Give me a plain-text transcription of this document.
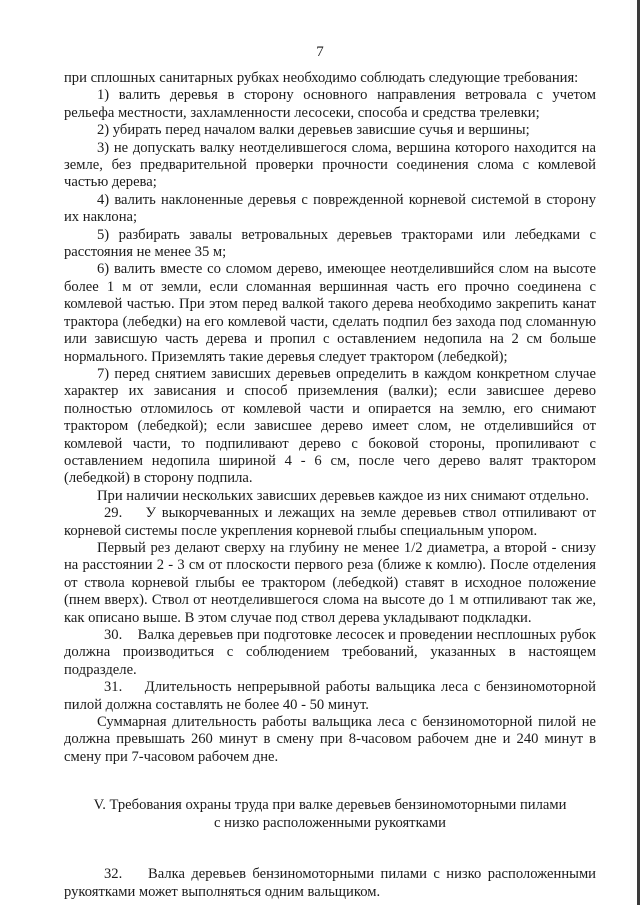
7

при сплошных санитарных рубках необходимо соблюдать следующие требования:

1) валить деревья в сторону основного направления ветровала с учетом рельефа местности, захламленности лесосеки, способа и средства трелевки;

2) убирать перед началом валки деревьев зависшие сучья и вершины;

3) не допускать валку неотделившегося слома, вершина которого находится на земле, без предварительной проверки прочности соединения слома с комлевой частью дерева;

4) валить наклоненные деревья с поврежденной корневой системой в сторону их наклона;

5) разбирать завалы ветровальных деревьев тракторами или лебедками с расстояния не менее 35 м;

6) валить вместе со сломом дерево, имеющее неотделившийся слом на высоте более 1 м от земли, если сломанная вершинная часть его прочно соединена с комлевой частью. При этом перед валкой такого дерева необходимо закрепить канат трактора (лебедки) на его комлевой части, сделать подпил без захода под сломанную или зависшую часть дерева и пропил с оставлением недопила на 2 см больше нормального. Приземлять такие деревья следует трактором (лебедкой);

7) перед снятием зависших деревьев определить в каждом конкретном случае характер их зависания и способ приземления (валки); если зависшее дерево полностью отломилось от комлевой части и опирается на землю, его снимают трактором (лебедкой); если зависшее дерево имеет слом, не отделившийся от комлевой части, то подпиливают дерево с боковой стороны, пропиливают с оставлением недопила шириной 4 - 6 см, после чего дерево валят трактором (лебедкой) в сторону подпила.

При наличии нескольких зависших деревьев каждое из них снимают отдельно.

29.    У выкорчеванных и лежащих на земле деревьев ствол отпиливают от корневой системы после укрепления корневой глыбы специальным упором.

Первый рез делают сверху на глубину не менее 1/2 диаметра, а второй - снизу на расстоянии 2 - 3 см от плоскости первого реза (ближе к комлю). После отделения от ствола корневой глыбы ее трактором (лебедкой) ставят в исходное положение (пнем вверх). Ствол от неотделившегося слома на высоте до 1 м отпиливают так же, как описано выше. В этом случае под ствол дерева укладывают подкладки.

30.    Валка деревьев при подготовке лесосек и проведении несплошных рубок должна производиться с соблюдением требований, указанных в настоящем подразделе.

31.    Длительность непрерывной работы вальщика леса с бензиномоторной пилой должна составлять не более 40 - 50 минут.

Суммарная длительность работы вальщика леса с бензиномоторной пилой не должна превышать 260 минут в смену при 8-часовом рабочем дне и 240 минут в смену при 7-часовом рабочем дне.

V. Требования охраны труда при валке деревьев бензиномоторными пилами
с низко расположенными рукоятками

32.    Валка деревьев бензиномоторными пилами с низко расположенными рукоятками может выполняться одним вальщиком.
